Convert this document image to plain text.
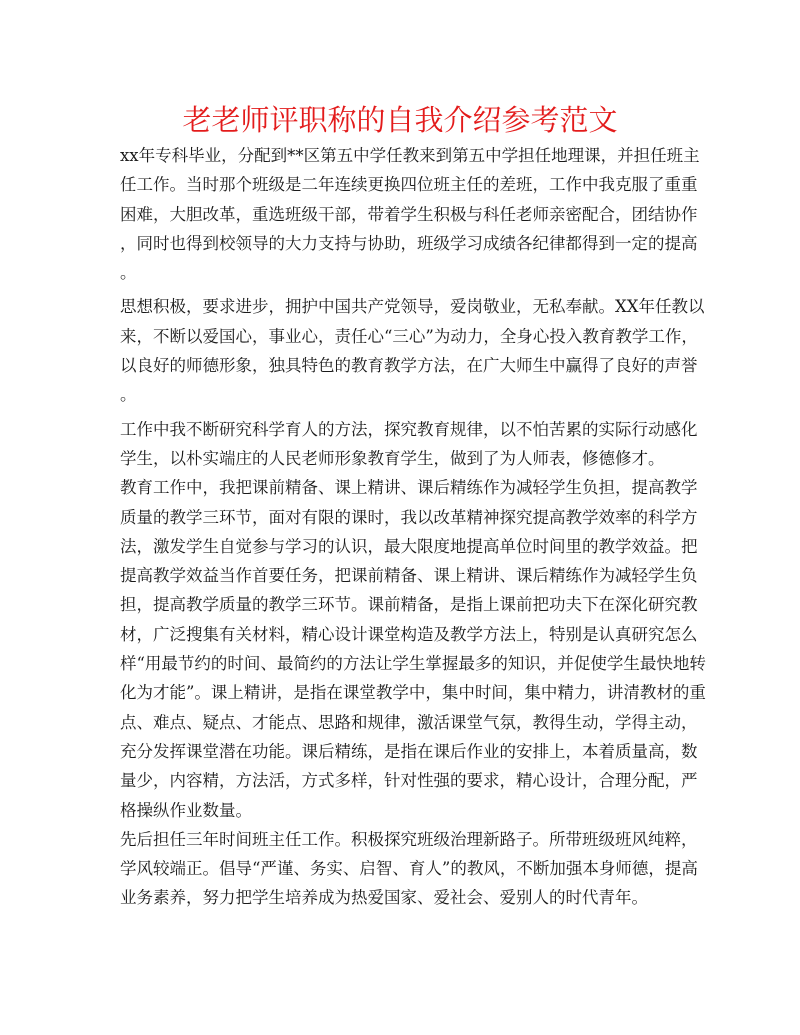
老老师评职称的自我介绍参考范文
xx年专科毕业，分配到**区第五中学任教来到第五中学担任地理课，并担任班主
任工作。当时那个班级是二年连续更换四位班主任的差班，工作中我克服了重重
困难，大胆改革，重选班级干部，带着学生积极与科任老师亲密配合，团结协作
，同时也得到校领导的大力支持与协助，班级学习成绩各纪律都得到一定的提高
。
思想积极，要求进步，拥护中国共产党领导，爱岗敬业，无私奉献。XX年任教以
来，不断以爱国心，事业心，责任心“三心”为动力，全身心投入教育教学工作，
以良好的师德形象，独具特色的教育教学方法，在广大师生中赢得了良好的声誉
。
工作中我不断研究科学育人的方法，探究教育规律，以不怕苦累的实际行动感化
学生，以朴实端庄的人民老师形象教育学生，做到了为人师表，修德修才。
教育工作中，我把课前精备、课上精讲、课后精练作为减轻学生负担，提高教学
质量的教学三环节，面对有限的课时，我以改革精神探究提高教学效率的科学方
法，激发学生自觉参与学习的认识，最大限度地提高单位时间里的教学效益。把
提高教学效益当作首要任务，把课前精备、课上精讲、课后精练作为减轻学生负
担，提高教学质量的教学三环节。课前精备，是指上课前把功夫下在深化研究教
材，广泛搜集有关材料，精心设计课堂构造及教学方法上，特别是认真研究怎么
样“用最节约的时间、最简约的方法让学生掌握最多的知识，并促使学生最快地转
化为才能”。课上精讲，是指在课堂教学中，集中时间，集中精力，讲清教材的重
点、难点、疑点、才能点、思路和规律，激活课堂气氛，教得生动，学得主动，
充分发挥课堂潜在功能。课后精练，是指在课后作业的安排上，本着质量高，数
量少，内容精，方法活，方式多样，针对性强的要求，精心设计，合理分配，严
格操纵作业数量。
先后担任三年时间班主任工作。积极探究班级治理新路子。所带班级班风纯粹，
学风较端正。倡导“严谨、务实、启智、育人”的教风，不断加强本身师德，提高
业务素养，努力把学生培养成为热爱国家、爱社会、爱别人的时代青年。
